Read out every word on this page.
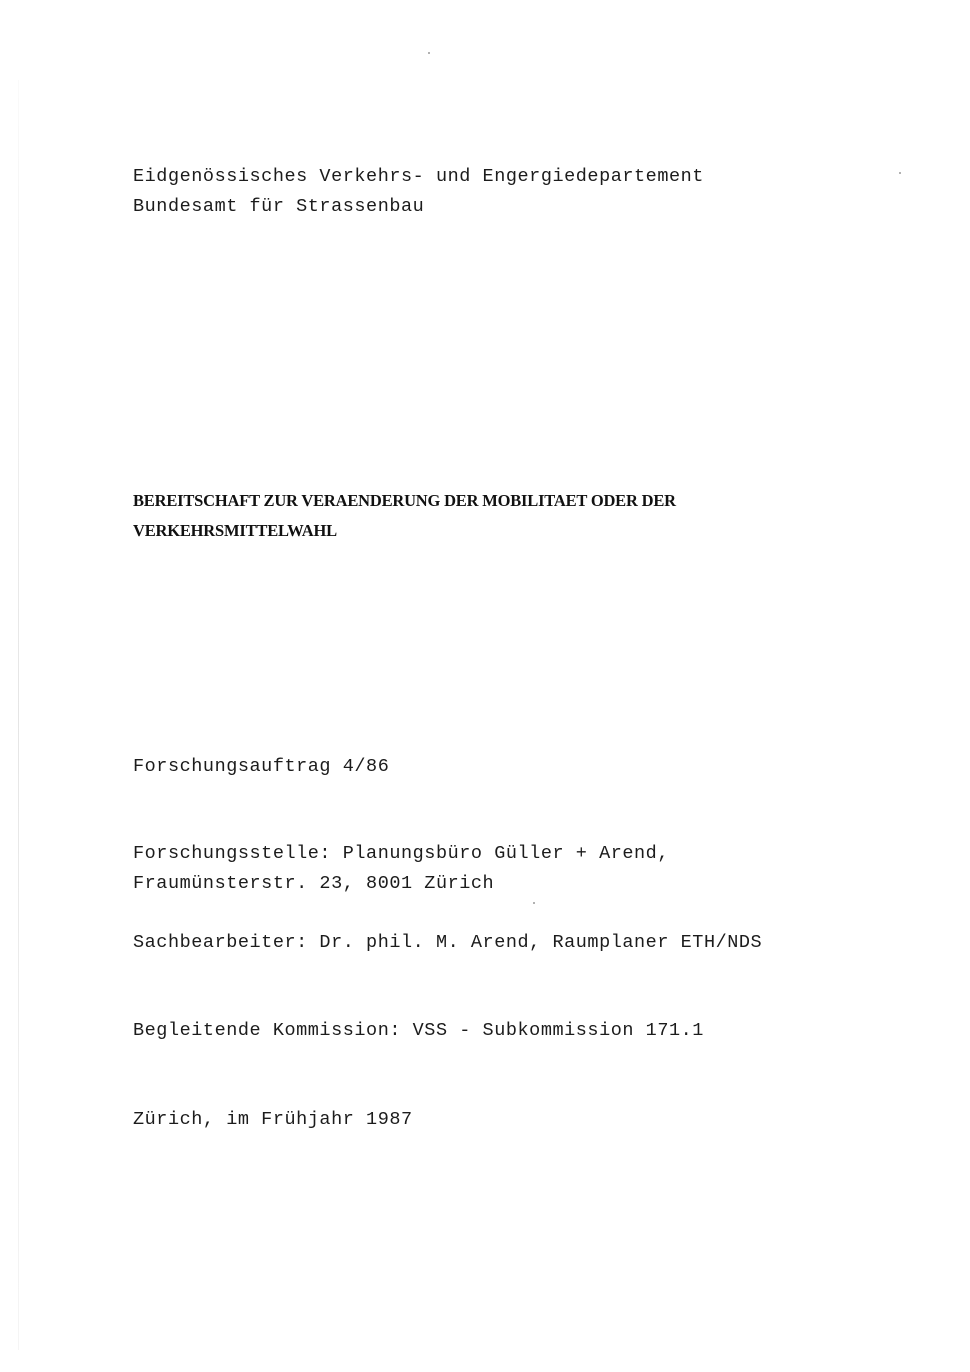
Eidgenössisches Verkehrs- und Engergiedepartement

Bundesamt für Strassenbau

BEREITSCHAFT ZUR VERAENDERUNG DER MOBILITAET ODER DER

VERKEHRSMITTELWAHL

Forschungsauftrag 4/86

Forschungsstelle: Planungsbüro Güller + Arend,

Fraumünsterstr. 23, 8001 Zürich

Sachbearbeiter: Dr. phil. M. Arend, Raumplaner ETH/NDS

Begleitende Kommission: VSS - Subkommission 171.1

Zürich, im Frühjahr 1987
